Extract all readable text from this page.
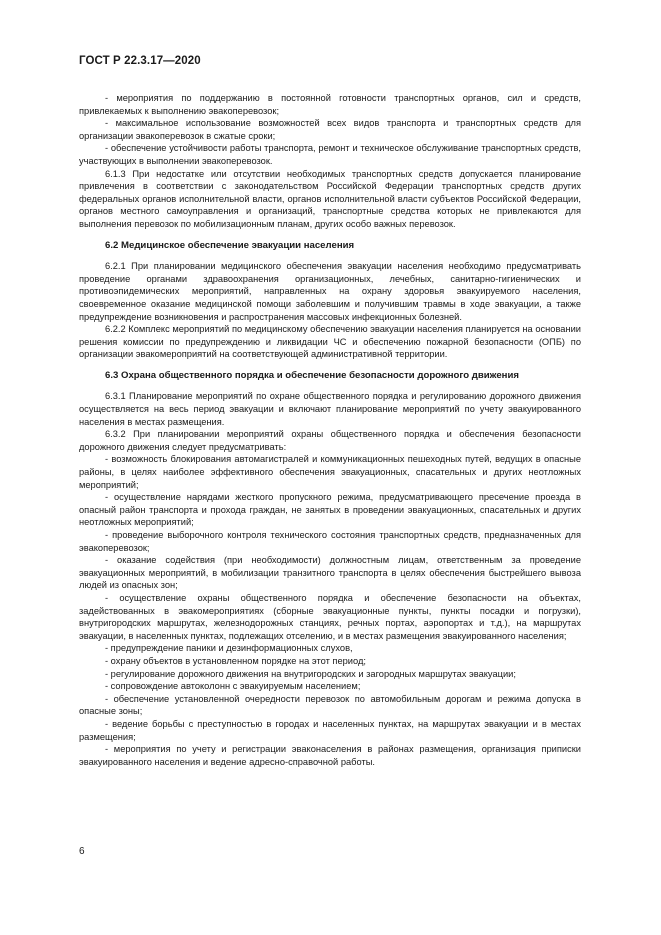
ГОСТ Р 22.3.17—2020

- мероприятия по поддержанию в постоянной готовности транспортных органов, сил и средств, привлекаемых к выполнению эвакоперевозок;

- максимальное использование возможностей всех видов транспорта и транспортных средств для организации эвакоперевозок в сжатые сроки;

- обеспечение устойчивости работы транспорта, ремонт и техническое обслуживание транспортных средств, участвующих в выполнении эвакоперевозок.

6.1.3 При недостатке или отсутствии необходимых транспортных средств допускается планирование привлечения в соответствии с законодательством Российской Федерации транспортных средств других федеральных органов исполнительной власти, органов исполнительной власти субъектов Российской Федерации, органов местного самоуправления и организаций, транспортные средства которых не привлекаются для выполнения перевозок по мобилизационным планам, других особо важных перевозок.

6.2 Медицинское обеспечение эвакуации населения

6.2.1 При планировании медицинского обеспечения эвакуации населения необходимо предусматривать проведение органами здравоохранения организационных, лечебных, санитарно-гигиенических и противоэпидемических мероприятий, направленных на охрану здоровья эвакуируемого населения, своевременное оказание медицинской помощи заболевшим и получившим травмы в ходе эвакуации, а также предупреждение возникновения и распространения массовых инфекционных болезней.

6.2.2 Комплекс мероприятий по медицинскому обеспечению эвакуации населения планируется на основании решения комиссии по предупреждению и ликвидации ЧС и обеспечению пожарной безопасности (ОПБ) по организации эвакомероприятий на соответствующей административной территории.

6.3 Охрана общественного порядка и обеспечение безопасности дорожного движения

6.3.1 Планирование мероприятий по охране общественного порядка и регулированию дорожного движения осуществляется на весь период эвакуации и включают планирование мероприятий по учету эвакуированного населения в местах размещения.

6.3.2 При планировании мероприятий охраны общественного порядка и обеспечения безопасности дорожного движения следует предусматривать:

- возможность блокирования автомагистралей и коммуникационных пешеходных путей, ведущих в опасные районы, в целях наиболее эффективного обеспечения эвакуационных, спасательных и других неотложных мероприятий;

- осуществление нарядами жесткого пропускного режима, предусматривающего пресечение проезда в опасный район транспорта и прохода граждан, не занятых в проведении эвакуационных, спасательных и других неотложных мероприятий;

- проведение выборочного контроля технического состояния транспортных средств, предназначенных для эвакоперевозок;

- оказание содействия (при необходимости) должностным лицам, ответственным за проведение эвакуационных мероприятий, в мобилизации транзитного транспорта в целях обеспечения быстрейшего вывоза людей из опасных зон;

- осуществление охраны общественного порядка и обеспечение безопасности на объектах, задействованных в эвакомероприятиях (сборные эвакуационные пункты, пункты посадки и погрузки), внутригородских маршрутах, железнодорожных станциях, речных портах, аэропортах и т.д.), на маршрутах эвакуации, в населенных пунктах, подлежащих отселению, и в местах размещения эвакуированного населения;

- предупреждение паники и дезинформационных слухов,

- охрану объектов в установленном порядке на этот период;

- регулирование дорожного движения на внутригородских и загородных маршрутах эвакуации;

- сопровождение автоколонн с эвакуируемым населением;

- обеспечение установленной очередности перевозок по автомобильным дорогам и режима допуска в опасные зоны;

- ведение борьбы с преступностью в городах и населенных пунктах, на маршрутах эвакуации и в местах размещения;

- мероприятия по учету и регистрации эваконаселения в районах размещения, организация приписки эвакуированного населения и ведение адресно-справочной работы.

6
